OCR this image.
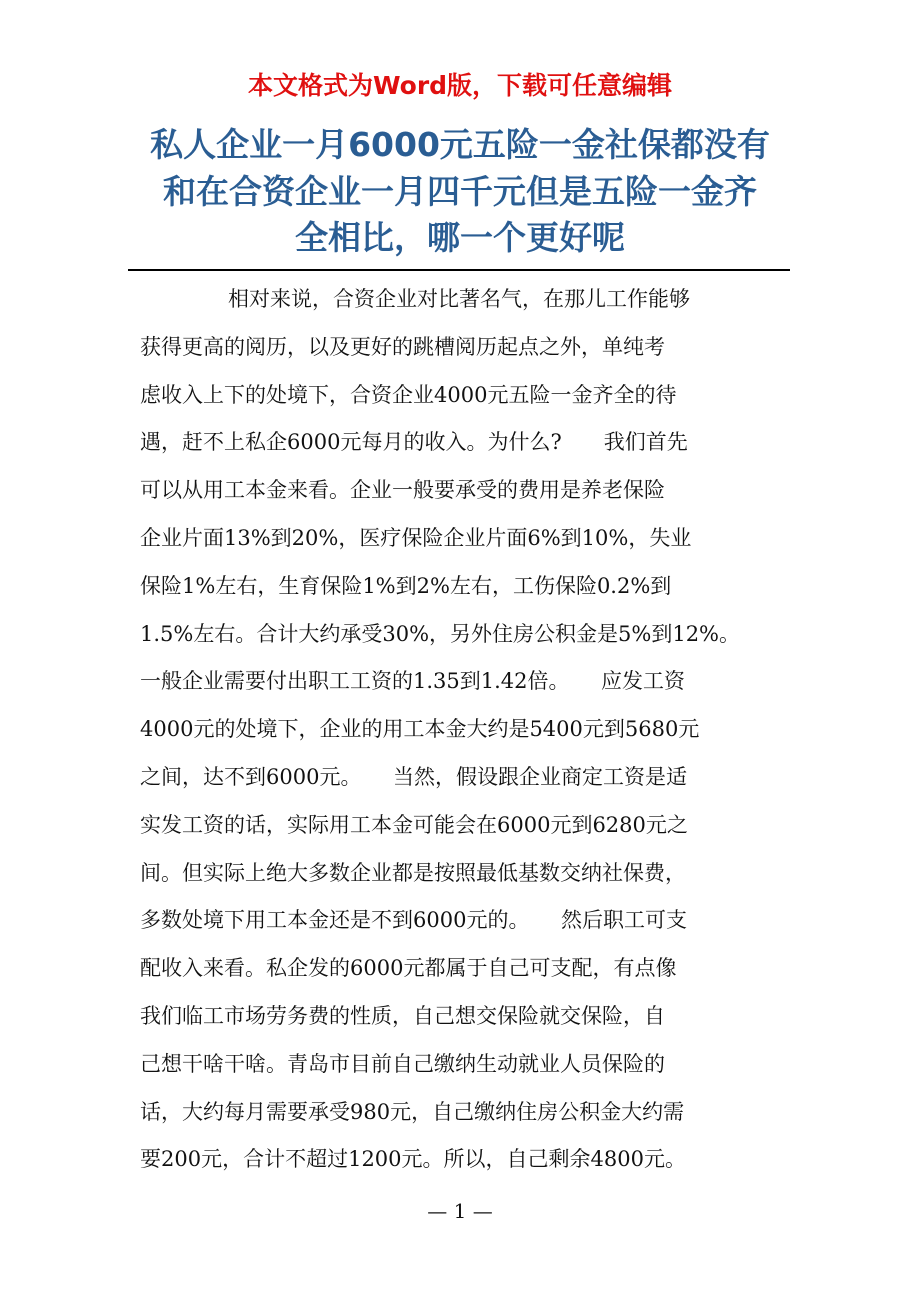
本文格式为Word版，下载可任意编辑
私人企业一月6000元五险一金社保都没有
和在合资企业一月四千元但是五险一金齐
全相比，哪一个更好呢
相对来说，合资企业对比著名气，在那儿工作能够
获得更高的阅历，以及更好的跳槽阅历起点之外，单纯考
虑收入上下的处境下，合资企业4000元五险一金齐全的待
遇，赶不上私企6000元每月的收入。为什么?　　我们首先
可以从用工本金来看。企业一般要承受的费用是养老保险
企业片面13%到20%，医疗保险企业片面6%到10%，失业
保险1%左右，生育保险1%到2%左右，工伤保险0.2%到
1.5%左右。合计大约承受30%，另外住房公积金是5%到12%。
一般企业需要付出职工工资的1.35到1.42倍。　　应发工资
4000元的处境下，企业的用工本金大约是5400元到5680元
之间，达不到6000元。　　当然，假设跟企业商定工资是适
实发工资的话，实际用工本金可能会在6000元到6280元之
间。但实际上绝大多数企业都是按照最低基数交纳社保费，
多数处境下用工本金还是不到6000元的。　　然后职工可支
配收入来看。私企发的6000元都属于自己可支配，有点像
我们临工市场劳务费的性质，自己想交保险就交保险，自
己想干啥干啥。青岛市目前自己缴纳生动就业人员保险的
话，大约每月需要承受980元，自己缴纳住房公积金大约需
要200元，合计不超过1200元。所以，自己剩余4800元。
— 1 —
